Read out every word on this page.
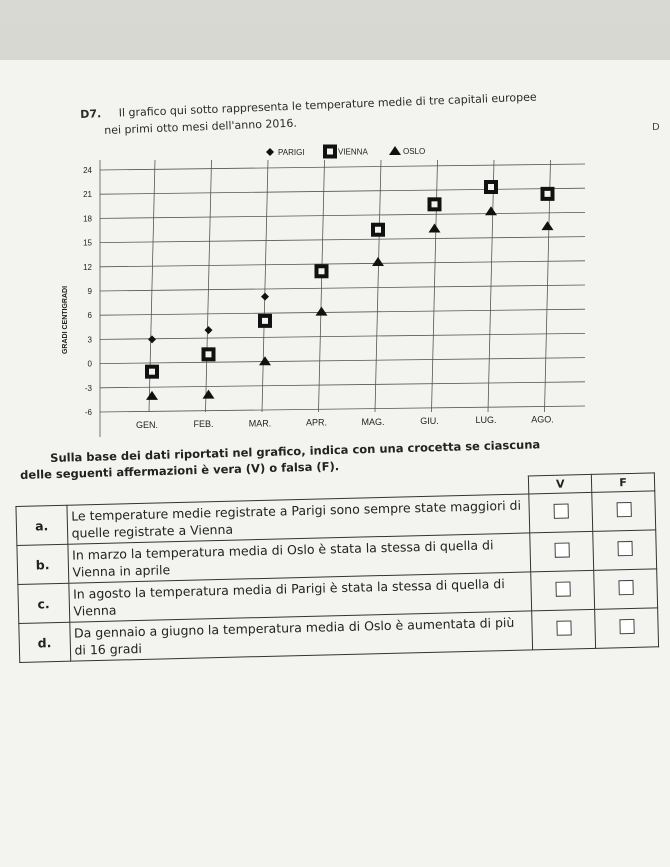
D7. Il grafico qui sotto rappresenta le temperature medie di tre capitali europee
nei primi otto mesi dell'anno 2016.	D
PARIGI	VIENNA	OSLO
24
21
18
15
12
9
6
3
0
-3
-6
GEN.	FEB.	MAR.	APR.	MAG.	GIU.	LUG.	AGO.
GRADI CENTIGRADI
Sulla base dei dati riportati nel grafico, indica con una crocetta se ciascuna
delle seguenti affermazioni è vera (V) o falsa (F).
		V	F
a.	Le temperature medie registrate a Parigi sono sempre state maggiori di quelle registrate a Vienna		
b.	In marzo la temperatura media di Oslo è stata la stessa di quella di Vienna in aprile		
c.	In agosto la temperatura media di Parigi è stata la stessa di quella di Vienna		
d.	Da gennaio a giugno la temperatura media di Oslo è aumentata di più di 16 gradi		
